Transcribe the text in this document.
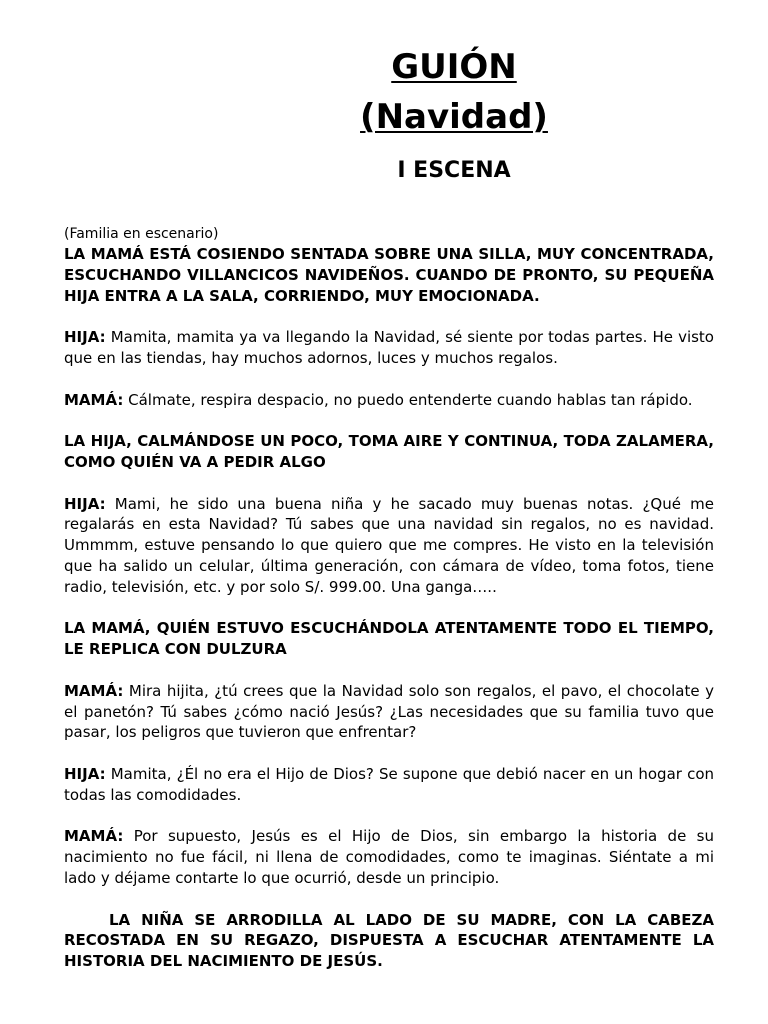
GUIÓN
(Navidad)
I ESCENA

(Familia en escenario)

LA MAMÁ ESTÁ COSIENDO SENTADA SOBRE UNA SILLA, MUY CONCENTRADA, ESCUCHANDO VILLANCICOS NAVIDEÑOS. CUANDO DE PRONTO, SU PEQUEÑA HIJA ENTRA A LA SALA, CORRIENDO, MUY EMOCIONADA.

HIJA: Mamita, mamita ya va llegando la Navidad, sé siente por todas partes. He visto que en las tiendas, hay muchos adornos, luces y muchos regalos.

MAMÁ: Cálmate, respira despacio, no puedo entenderte cuando hablas tan rápido.

LA HIJA, CALMÁNDOSE UN POCO, TOMA AIRE Y CONTINUA, TODA ZALAMERA, COMO QUIÉN VA A PEDIR ALGO

HIJA: Mami, he sido una buena niña y he sacado muy buenas notas. ¿Qué me regalarás en esta Navidad? Tú sabes que una navidad sin regalos, no es navidad. Ummmm, estuve pensando lo que quiero que me compres. He visto en la televisión que ha salido un celular, última generación, con cámara de vídeo, toma fotos, tiene radio, televisión, etc. y por solo S/. 999.00. Una ganga…..

LA MAMÁ, QUIÉN ESTUVO ESCUCHÁNDOLA ATENTAMENTE TODO EL TIEMPO, LE REPLICA CON DULZURA

MAMÁ: Mira hijita, ¿tú crees que la Navidad solo son regalos, el pavo, el chocolate y el panetón? Tú sabes ¿cómo nació Jesús? ¿Las necesidades que su familia tuvo que pasar, los peligros que tuvieron que enfrentar?

HIJA: Mamita, ¿Él no era el Hijo de Dios? Se supone que debió nacer en un hogar con todas las comodidades.

MAMÁ: Por supuesto, Jesús es el Hijo de Dios, sin embargo la historia de su nacimiento no fue fácil, ni llena de comodidades, como te imaginas. Siéntate a mi lado y déjame contarte lo que ocurrió, desde un principio.

LA NIÑA SE ARRODILLA AL LADO DE SU MADRE, CON LA CABEZA RECOSTADA EN SU REGAZO, DISPUESTA A ESCUCHAR ATENTAMENTE LA HISTORIA DEL NACIMIENTO DE JESÚS.
